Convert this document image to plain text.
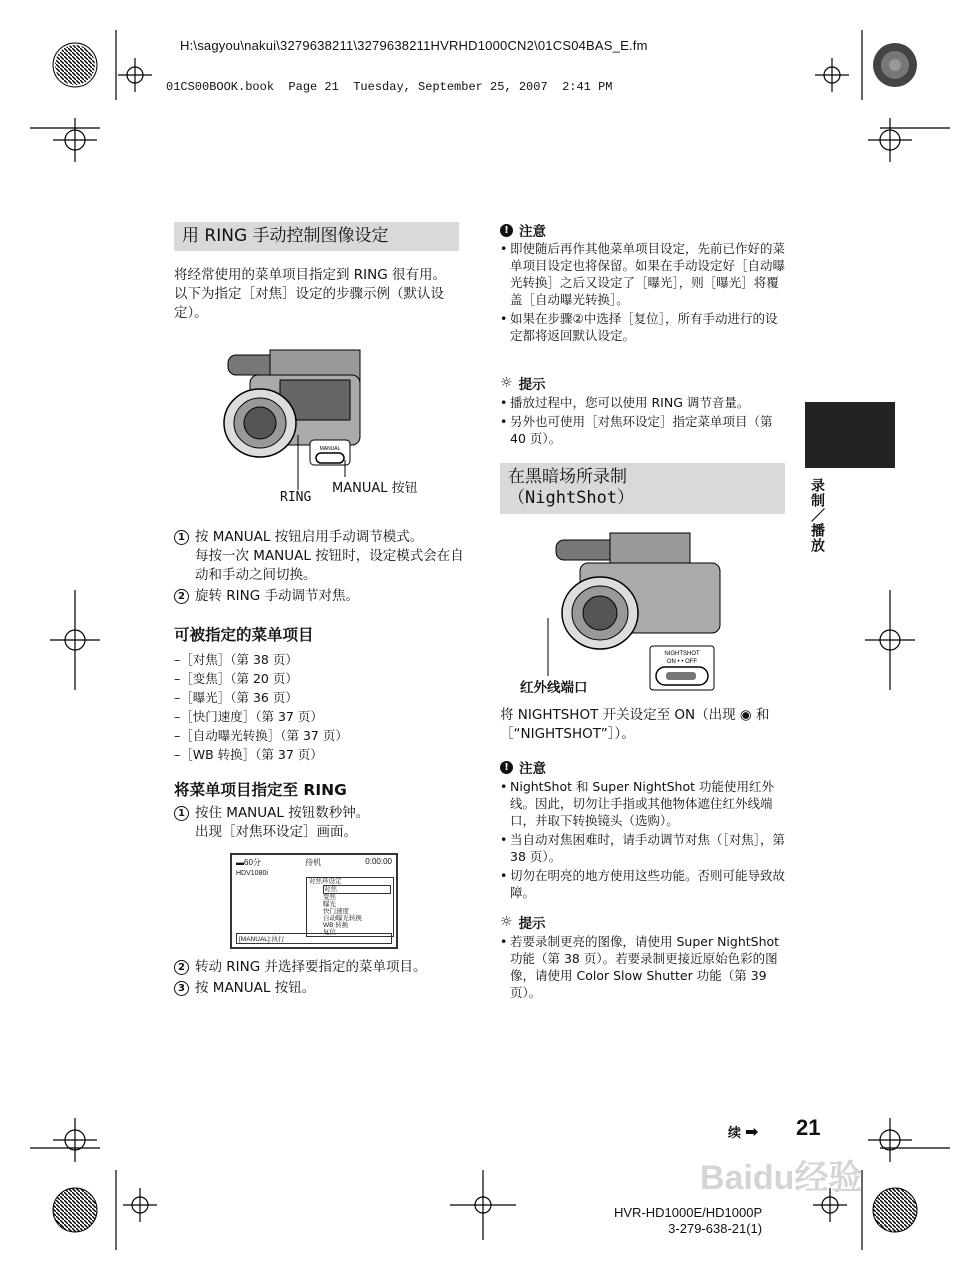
H:\sagyou\nakui\3279638211\3279638211HVRHD1000CN2\01CS04BAS_E.fm
01CS00BOOK.book  Page 21  Tuesday, September 25, 2007  2:41 PM
用 RING 手动控制图像设定
将经常使用的菜单项目指定到 RING 很有用。
以下为指定［对焦］设定的步骤示例（默认设定）。
MANUAL
MANUAL 按钮
RING
1 按 MANUAL 按钮启用手动调节模式。
每按一次 MANUAL 按钮时，设定模式会在自动和手动之间切换。
2 旋转 RING 手动调节对焦。
可被指定的菜单项目
–［对焦］（第 38 页）
–［变焦］（第 20 页）
–［曝光］（第 36 页）
–［快门速度］（第 37 页）
–［自动曝光转换］（第 37 页）
–［WB 转换］（第 37 页）
将菜单项目指定至 RING
1 按住 MANUAL 按钮数秒钟。
出现［对焦环设定］画面。
▬60分	待机	0:00:00
HDV1080i
对焦环设定
对焦
变焦
曝光
快门速度
自动曝光转换
WB 转换
复位
[MANUAL]:执行
2 转动 RING 并选择要指定的菜单项目。
3 按 MANUAL 按钮。
! 注意
• 即使随后再作其他菜单项目设定，先前已作好的菜单项目设定也将保留。如果在手动设定好［自动曝光转换］之后又设定了［曝光］，则［曝光］将覆盖［自动曝光转换］。
• 如果在步骤②中选择［复位］，所有手动进行的设定都将返回默认设定。
☼ 提示
• 播放过程中，您可以使用 RING 调节音量。
• 另外也可使用［对焦环设定］指定菜单项目（第 40 页）。
在黑暗场所录制
（NightShot）
NIGHTSHOT
ON • • OFF
红外线端口
将 NIGHTSHOT 开关设定至 ON（出现 ◉ 和［“NIGHTSHOT”］）。
! 注意
• NightShot 和 Super NightShot 功能使用红外线。因此，切勿让手指或其他物体遮住红外线端口，并取下转换镜头（选购）。
• 当自动对焦困难时，请手动调节对焦（［对焦］，第 38 页）。
• 切勿在明亮的地方使用这些功能。否则可能导致故障。
☼ 提示
• 若要录制更亮的图像，请使用 Super NightShot 功能（第 38 页）。若要录制更接近原始色彩的图像，请使用 Color Slow Shutter 功能（第 39 页）。
录制／播放
续 ➡ 21
Baidu经验
HVR-HD1000E/HD1000P
3-279-638-21(1)
